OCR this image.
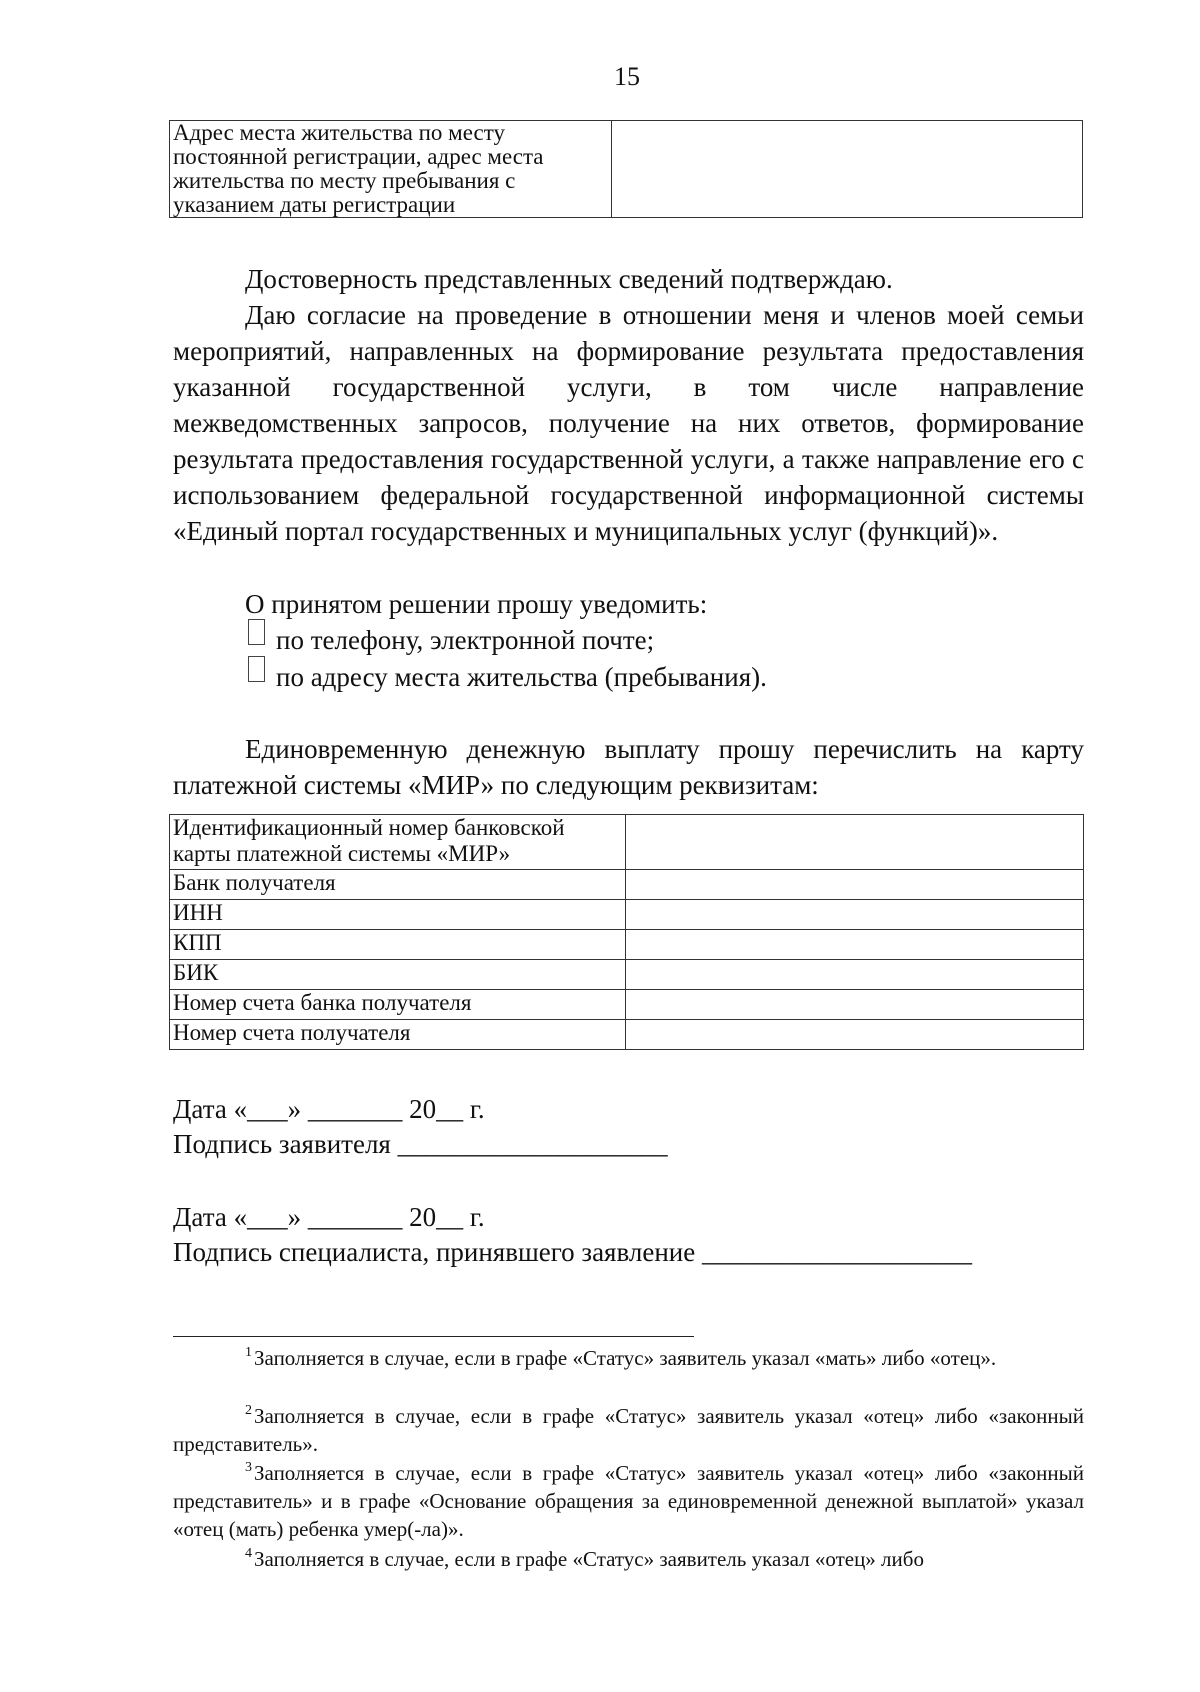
15
Адрес места жительства по месту постоянной регистрации, адрес места жительства по месту пребывания с указанием даты регистрации	
Достоверность представленных сведений подтверждаю.
Даю согласие на проведение в отношении меня и членов моей семьи мероприятий, направленных на формирование результата предоставления указанной государственной услуги, в том числе направление межведомственных запросов, получение на них ответов, формирование результата предоставления государственной услуги, а также направление его с использованием федеральной государственной информационной системы «Единый портал государственных и муниципальных услуг (функций)».
О принятом решении прошу уведомить:
по телефону, электронной почте;
по адресу места жительства (пребывания).
Единовременную денежную выплату прошу перечислить на карту платежной системы «МИР» по следующим реквизитам:
Идентификационный номер банковской карты платежной системы «МИР»	
Банк получателя	
ИНН	
КПП	
БИК	
Номер счета банка получателя	
Номер счета получателя	
Дата «___» _______ 20__ г.
Подпись заявителя ____________________
Дата «___» _______ 20__ г.
Подпись специалиста, принявшего заявление ____________________
$^1$Заполняется в случае, если в графе «Статус» заявитель указал «мать» либо «отец».
$^2$Заполняется в случае, если в графе «Статус» заявитель указал «отец» либо «законный представитель».
$^3$Заполняется в случае, если в графе «Статус» заявитель указал «отец» либо «законный представитель» и в графе «Основание обращения за единовременной денежной выплатой» указал «отец (мать) ребенка умер(-ла)».
$^4$Заполняется в случае, если в графе «Статус» заявитель указал «отец» либо
